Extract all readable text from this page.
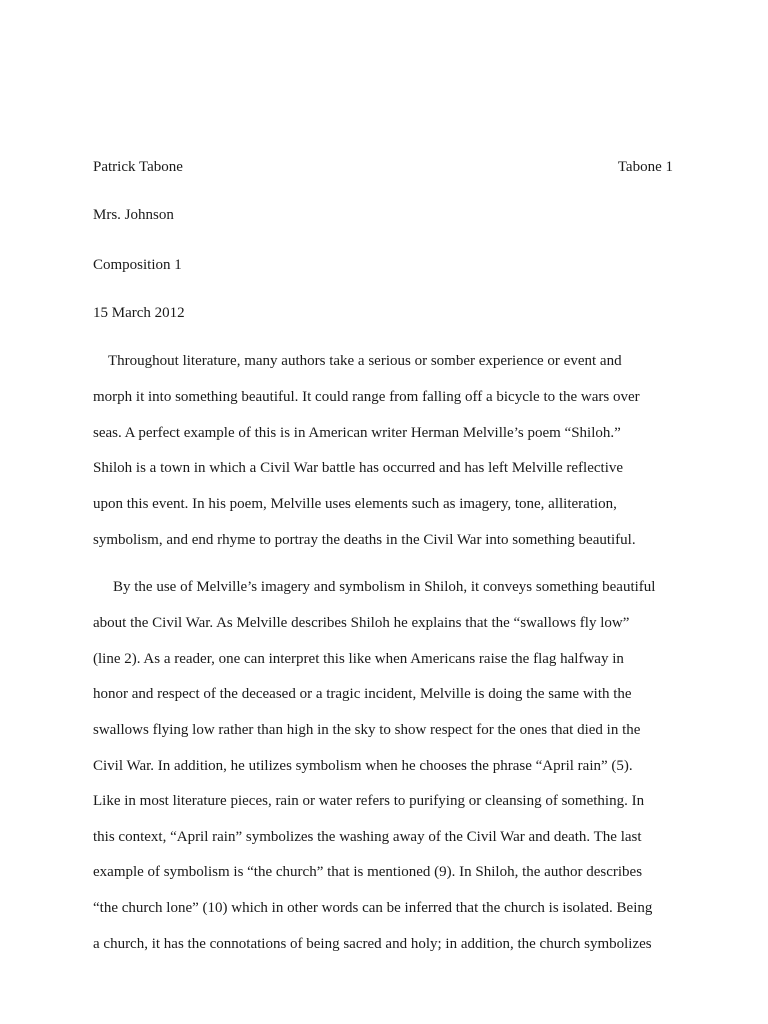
Patrick Tabone	Tabone 1
Mrs. Johnson
Composition 1
15 March 2012
Throughout literature, many authors take a serious or somber experience or event and
morph it into something beautiful. It could range from falling off a bicycle to the wars over
seas. A perfect example of this is in American writer Herman Melville’s poem “Shiloh.”
Shiloh is a town in which a Civil War battle has occurred and has left Melville reflective
upon this event. In his poem, Melville uses elements such as imagery, tone, alliteration,
symbolism, and end rhyme to portray the deaths in the Civil War into something beautiful.
By the use of Melville’s imagery and symbolism in Shiloh, it conveys something beautiful
about the Civil War. As Melville describes Shiloh he explains that the “swallows fly low”
(line 2). As a reader, one can interpret this like when Americans raise the flag halfway in
honor and respect of the deceased or a tragic incident, Melville is doing the same with the
swallows flying low rather than high in the sky to show respect for the ones that died in the
Civil War. In addition, he utilizes symbolism when he chooses the phrase “April rain” (5).
Like in most literature pieces, rain or water refers to purifying or cleansing of something. In
this context, “April rain” symbolizes the washing away of the Civil War and death. The last
example of symbolism is “the church” that is mentioned (9). In Shiloh, the author describes
“the church lone” (10) which in other words can be inferred that the church is isolated. Being
a church, it has the connotations of being sacred and holy; in addition, the church symbolizes
